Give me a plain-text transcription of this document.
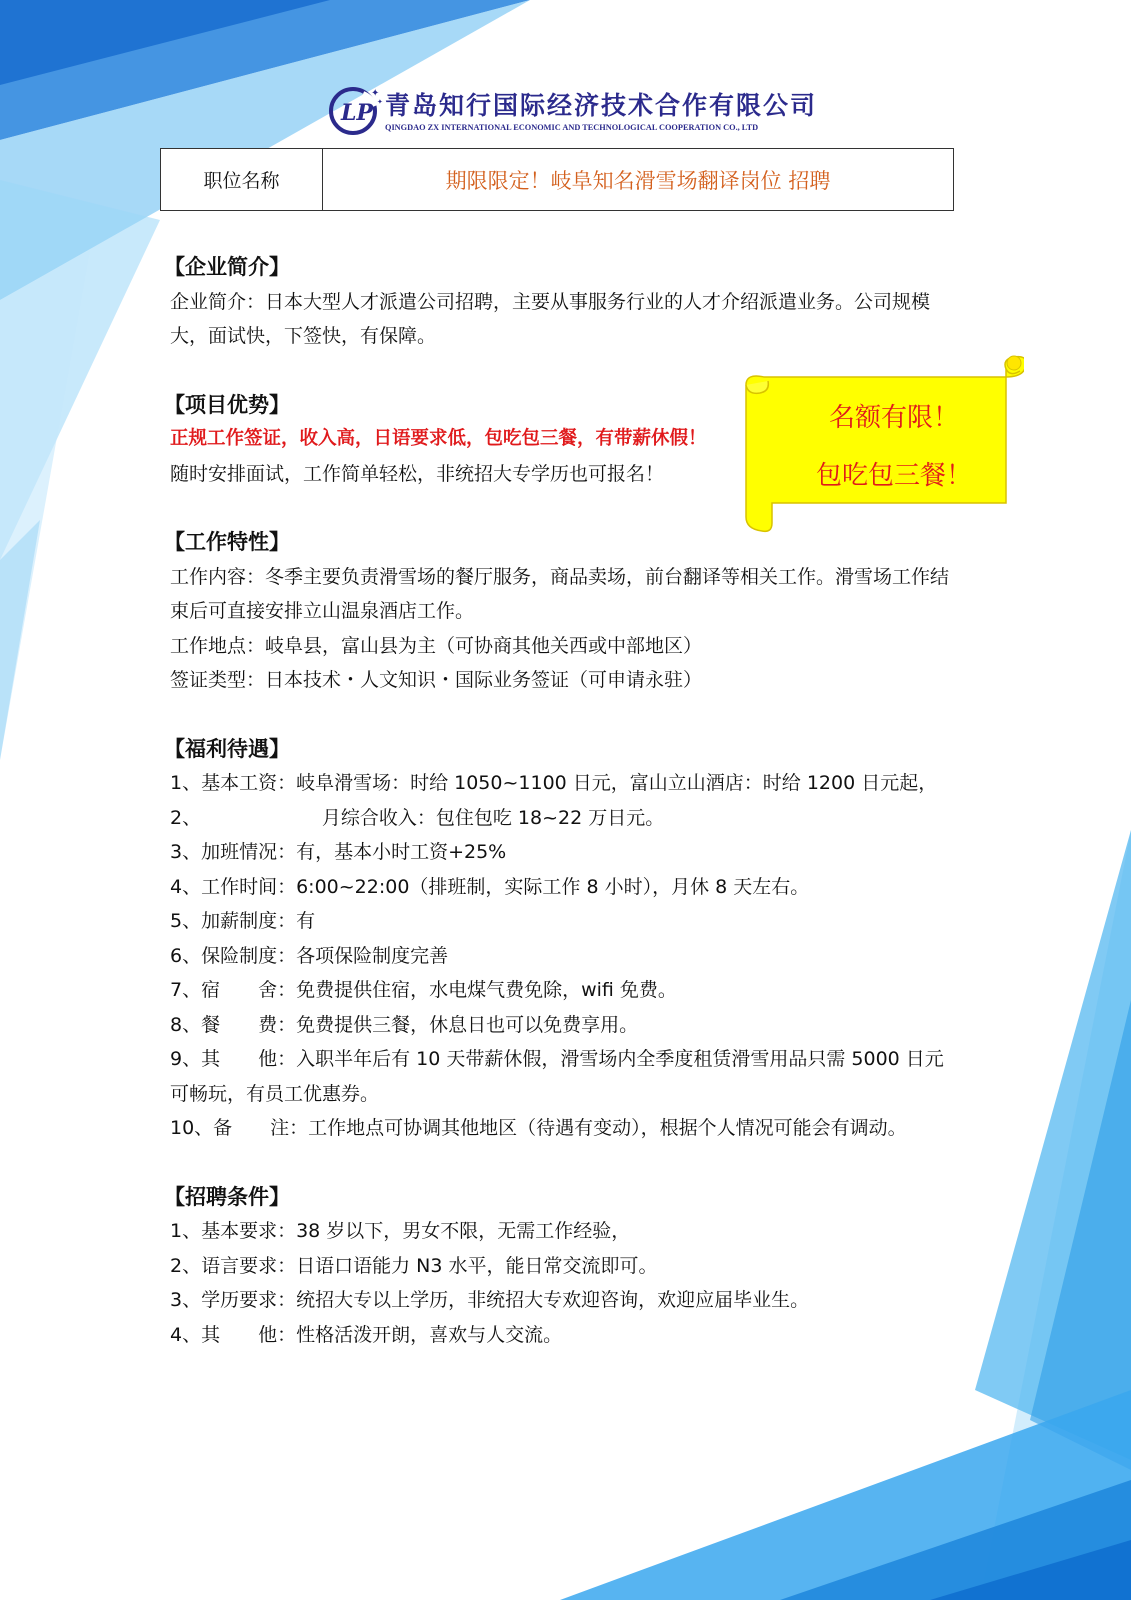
LP
✦
✦ 青岛知行国际经济技术合作有限公司
QINGDAO ZX INTERNATIONAL ECONOMIC AND TECHNOLOGICAL COOPERATION CO., LTD
职位名称	期限限定！岐阜知名滑雪场翻译岗位 招聘
【企业简介】
企业简介：日本大型人才派遣公司招聘，主要从事服务行业的人才介绍派遣业务。公司规模大，面试快，下签快，有保障。
【项目优势】
正规工作签证，收入高，日语要求低，包吃包三餐，有带薪休假！
随时安排面试，工作简单轻松，非统招大专学历也可报名！
【工作特性】
工作内容：冬季主要负责滑雪场的餐厅服务，商品卖场，前台翻译等相关工作。滑雪场工作结束后可直接安排立山温泉酒店工作。
工作地点：岐阜县，富山县为主（可协商其他关西或中部地区）
签证类型：日本技术・人文知识・国际业务签证（可申请永驻）
【福利待遇】
1、基本工资：岐阜滑雪场：时给 1050~1100 日元，富山立山酒店：时给 1200 日元起，
2、                    月综合收入：包住包吃 18~22 万日元。
3、加班情况：有，基本小时工资+25%
4、工作时间：6:00~22:00（排班制，实际工作 8 小时），月休 8 天左右。
5、加薪制度：有
6、保险制度：各项保险制度完善
7、宿　　舍：免费提供住宿，水电煤气费免除，wifi 免费。
8、餐　　费：免费提供三餐，休息日也可以免费享用。
9、其　　他：入职半年后有 10 天带薪休假，滑雪场内全季度租赁滑雪用品只需 5000 日元可畅玩，有员工优惠券。
10、备　　注：工作地点可协调其他地区（待遇有变动），根据个人情况可能会有调动。
【招聘条件】
1、基本要求：38 岁以下，男女不限，无需工作经验，
2、语言要求：日语口语能力 N3 水平，能日常交流即可。
3、学历要求：统招大专以上学历，非统招大专欢迎咨询，欢迎应届毕业生。
4、其　　他：性格活泼开朗，喜欢与人交流。
名额有限！
包吃包三餐！
